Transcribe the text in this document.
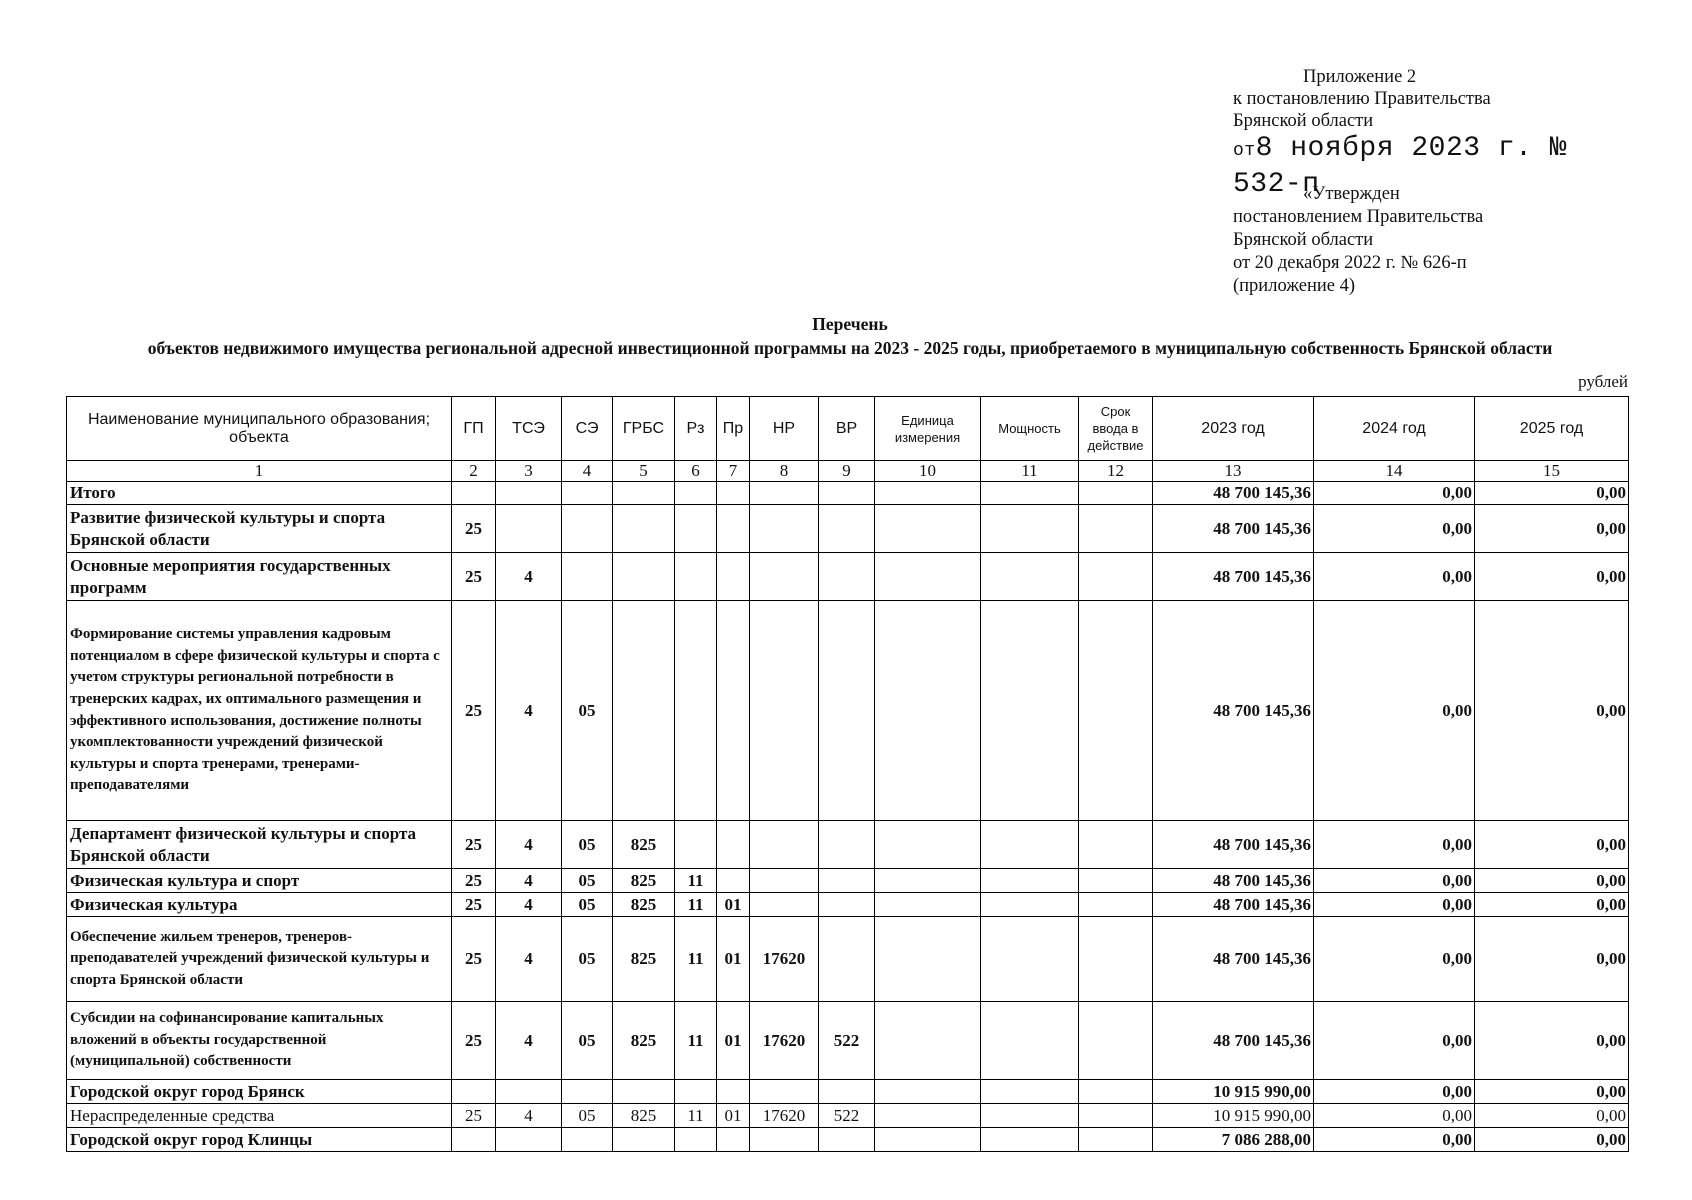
Приложение 2
к постановлению Правительства
Брянской области
от8 ноября 2023 г. № 532-п
«Утвержден
постановлением Правительства
Брянской области
от 20 декабря 2022 г. № 626-п
(приложение 4)
Перечень
объектов недвижимого имущества региональной адресной инвестиционной программы на 2023 - 2025 годы, приобретаемого в муниципальную собственность Брянской области
рублей
Наименование муниципального образования; объекта	ГП	ТСЭ	СЭ	ГРБС	Рз	Пр	НР	ВР	Единица измерения	Мощность	Срок ввода в действие	2023 год	2024 год	2025 год
1	2	3	4	5	6	7	8	9	10	11	12	13	14	15
Итого												48 700 145,36	0,00	0,00
Развитие физической культуры и спорта Брянской области	25											48 700 145,36	0,00	0,00
Основные мероприятия государственных программ	25	4										48 700 145,36	0,00	0,00
Формирование системы управления кадровым потенциалом в сфере физической культуры и спорта с учетом структуры региональной потребности в тренерских кадрах, их оптимального размещения и эффективного использования, достижение полноты укомплектованности учреждений физической культуры и спорта тренерами, тренерами-преподавателями	25	4	05									48 700 145,36	0,00	0,00
Департамент физической культуры и спорта Брянской области	25	4	05	825								48 700 145,36	0,00	0,00
Физическая культура и спорт	25	4	05	825	11							48 700 145,36	0,00	0,00
Физическая культура	25	4	05	825	11	01						48 700 145,36	0,00	0,00
Обеспечение жильем тренеров, тренеров-преподавателей учреждений физической культуры и спорта Брянской области	25	4	05	825	11	01	17620					48 700 145,36	0,00	0,00
Субсидии на софинансирование капитальных вложений в объекты государственной (муниципальной) собственности	25	4	05	825	11	01	17620	522				48 700 145,36	0,00	0,00
Городской округ город Брянск												10 915 990,00	0,00	0,00
Нераспределенные средства	25	4	05	825	11	01	17620	522				10 915 990,00	0,00	0,00
Городской округ город Клинцы												7 086 288,00	0,00	0,00
